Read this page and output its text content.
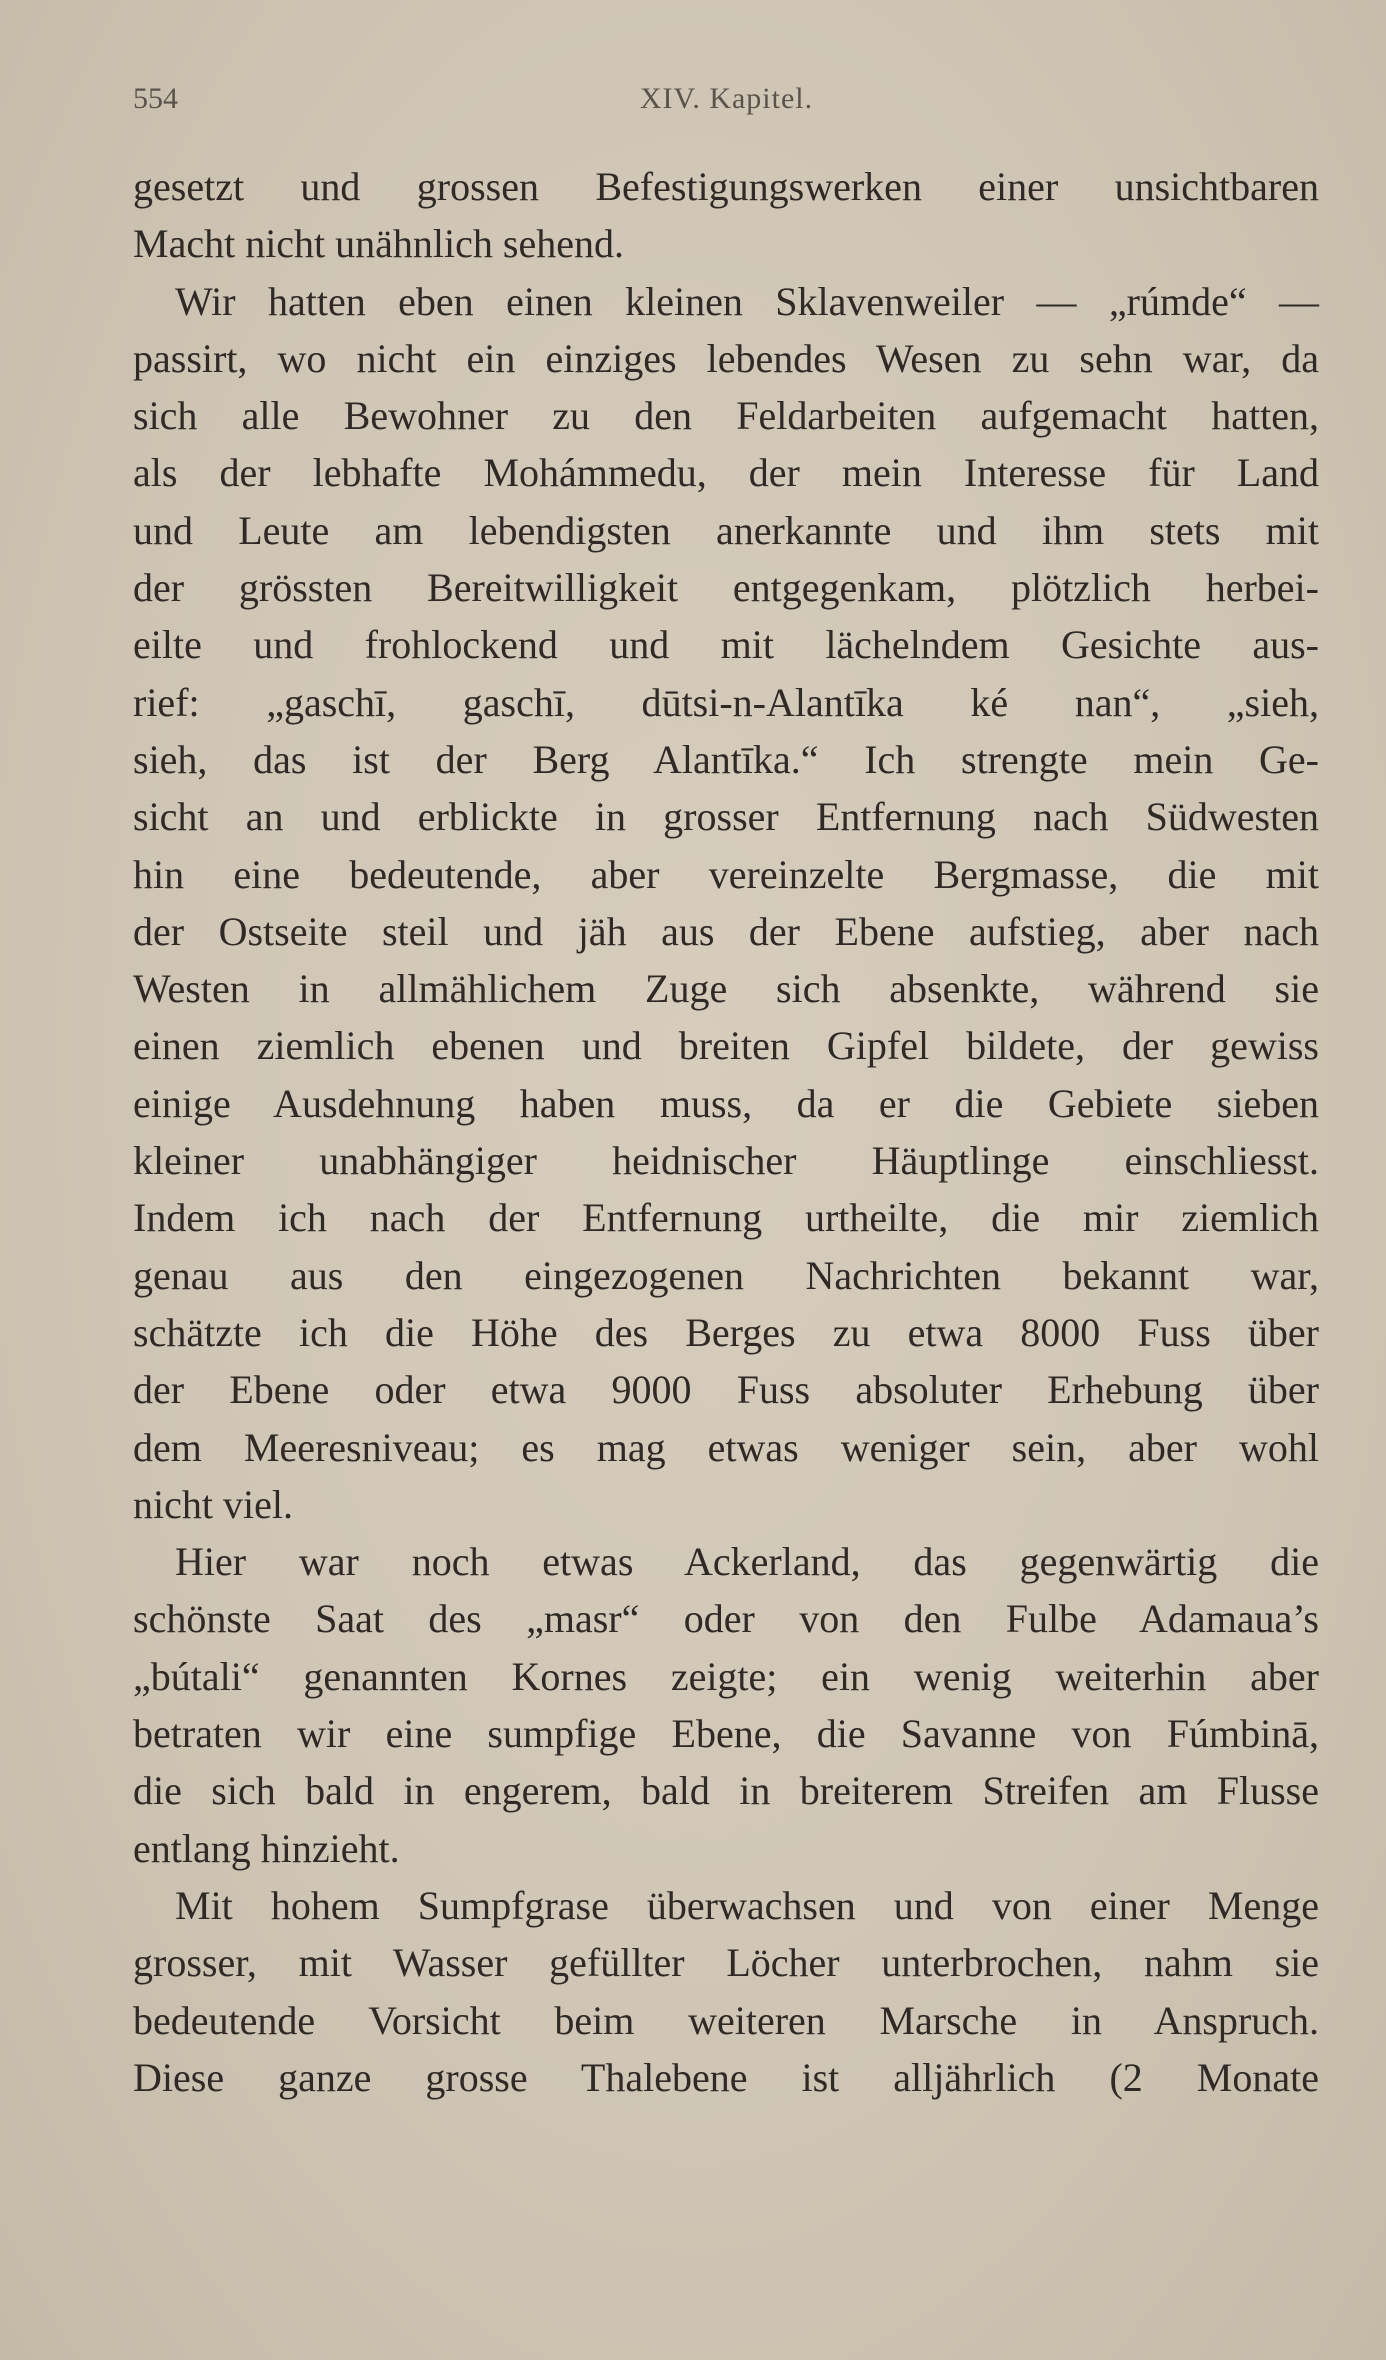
554	XIV. Kapitel.
gesetzt und grossen Befestigungswerken einer unsichtbaren
Macht nicht unähnlich sehend.
Wir hatten eben einen kleinen Sklavenweiler — „rúmde“ —
passirt, wo nicht ein einziges lebendes Wesen zu sehn war, da
sich alle Bewohner zu den Feldarbeiten aufgemacht hatten,
als der lebhafte Mohámmedu, der mein Interesse für Land
und Leute am lebendigsten anerkannte und ihm stets mit
der grössten Bereitwilligkeit entgegenkam, plötzlich herbei-
eilte und frohlockend und mit lächelndem Gesichte aus-
rief: „gaschī, gaschī, dūtsi-n-Alantīka ké nan“, „sieh,
sieh, das ist der Berg Alantīka.“ Ich strengte mein Ge-
sicht an und erblickte in grosser Entfernung nach Südwesten
hin eine bedeutende, aber vereinzelte Bergmasse, die mit
der Ostseite steil und jäh aus der Ebene aufstieg, aber nach
Westen in allmählichem Zuge sich absenkte, während sie
einen ziemlich ebenen und breiten Gipfel bildete, der gewiss
einige Ausdehnung haben muss, da er die Gebiete sieben
kleiner unabhängiger heidnischer Häuptlinge einschliesst.
Indem ich nach der Entfernung urtheilte, die mir ziemlich
genau aus den eingezogenen Nachrichten bekannt war,
schätzte ich die Höhe des Berges zu etwa 8000 Fuss über
der Ebene oder etwa 9000 Fuss absoluter Erhebung über
dem Meeresniveau; es mag etwas weniger sein, aber wohl
nicht viel.
Hier war noch etwas Ackerland, das gegenwärtig die
schönste Saat des „masr“ oder von den Fulbe Adamaua’s
„bútali“ genannten Kornes zeigte; ein wenig weiterhin aber
betraten wir eine sumpfige Ebene, die Savanne von Fúmbinā,
die sich bald in engerem, bald in breiterem Streifen am Flusse
entlang hinzieht.
Mit hohem Sumpfgrase überwachsen und von einer Menge
grosser, mit Wasser gefüllter Löcher unterbrochen, nahm sie
bedeutende Vorsicht beim weiteren Marsche in Anspruch.
Diese ganze grosse Thalebene ist alljährlich (2 Monate
